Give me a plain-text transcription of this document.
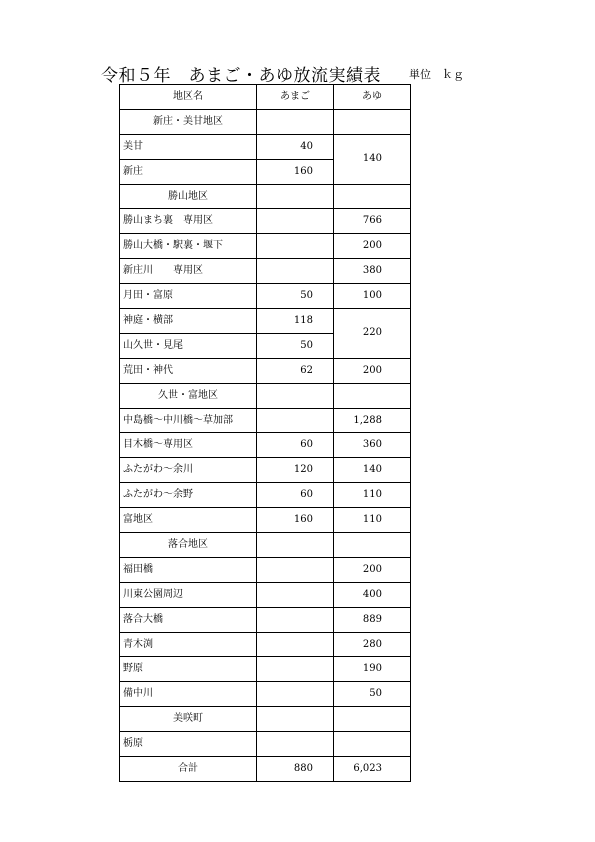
令和５年　あまご・あゆ放流実績表	単位　ｋｇ
地区名	あまご	あゆ
新庄・美甘地区		
美甘	40	140
新庄	160	
勝山地区		
勝山まち裏　専用区		766
勝山大橋・駅裏・堰下		200
新庄川　　専用区		380
月田・富原	50	100
神庭・横部	118	220
山久世・見尾	50	
荒田・神代	62	200
久世・富地区		
中島橋～中川橋～草加部		1,288
目木橋～専用区	60	360
ふたがわ～余川	120	140
ふたがわ～余野	60	110
富地区	160	110
落合地区		
福田橋		200
川東公園周辺		400
落合大橋		889
青木渕		280
野原		190
備中川		50
美咲町		
栃原		
合計	880	6,023
